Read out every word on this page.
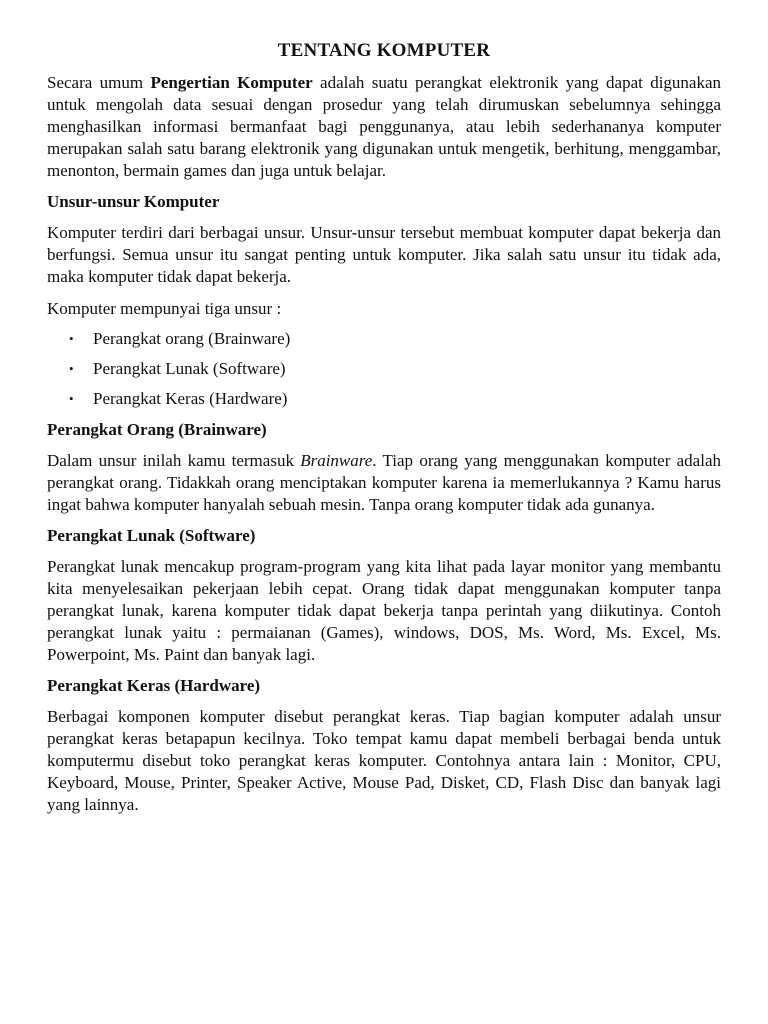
TENTANG KOMPUTER

Secara umum Pengertian Komputer adalah suatu perangkat elektronik yang dapat digunakan untuk mengolah data sesuai dengan prosedur yang telah dirumuskan sebelumnya sehingga menghasilkan informasi bermanfaat bagi penggunanya, atau lebih sederhananya komputer merupakan salah satu barang elektronik yang digunakan untuk mengetik, berhitung, menggambar, menonton, bermain games dan juga untuk belajar.

Unsur-unsur Komputer

Komputer terdiri dari berbagai unsur. Unsur-unsur tersebut membuat komputer dapat bekerja dan berfungsi. Semua unsur itu sangat penting untuk komputer. Jika salah satu unsur itu tidak ada, maka komputer tidak dapat bekerja.

Komputer mempunyai tiga unsur :

• Perangkat orang (Brainware)
• Perangkat Lunak (Software)
• Perangkat Keras (Hardware)
Perangkat Orang (Brainware)

Dalam unsur inilah kamu termasuk Brainware. Tiap orang yang menggunakan komputer adalah perangkat orang. Tidakkah orang menciptakan komputer karena ia memerlukannya ? Kamu harus ingat bahwa komputer hanyalah sebuah mesin. Tanpa orang komputer tidak ada gunanya.

Perangkat Lunak (Software)

Perangkat lunak mencakup program-program yang kita lihat pada layar monitor yang membantu kita menyelesaikan pekerjaan lebih cepat. Orang tidak dapat menggunakan komputer tanpa perangkat lunak, karena komputer tidak dapat bekerja tanpa perintah yang diikutinya. Contoh perangkat lunak yaitu : permaianan (Games), windows, DOS, Ms. Word, Ms. Excel, Ms. Powerpoint, Ms. Paint dan banyak lagi.

Perangkat Keras (Hardware)

Berbagai komponen komputer disebut perangkat keras. Tiap bagian komputer adalah unsur perangkat keras betapapun kecilnya. Toko tempat kamu dapat membeli berbagai benda untuk komputermu disebut toko perangkat keras komputer. Contohnya antara lain : Monitor, CPU, Keyboard, Mouse, Printer, Speaker Active, Mouse Pad, Disket, CD, Flash Disc dan banyak lagi yang lainnya.
